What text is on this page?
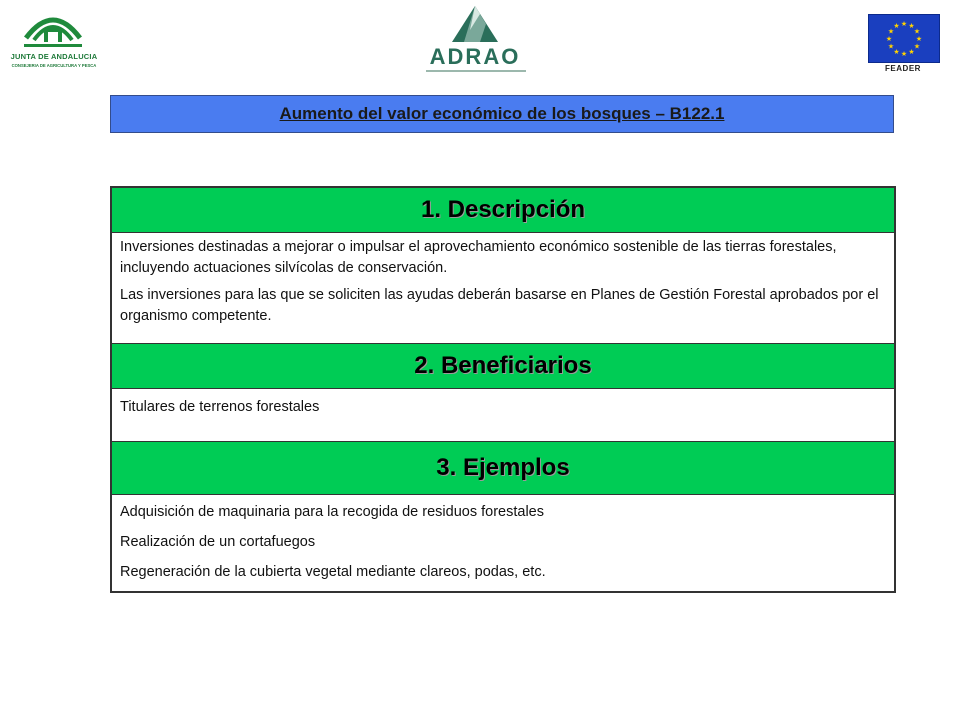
JUNTA DE ANDALUCIA
CONSEJERIA DE AGRICULTURA Y PESCA	ADRAO
★ ★
★
★
★
★
★
★
★
★
★
★
FEADER
Aumento del valor económico de los bosques – B122.1
1. Descripción

Inversiones destinadas a mejorar o impulsar el aprovechamiento económico sostenible de las tierras forestales, incluyendo actuaciones silvícolas de conservación.

Las inversiones para las que se soliciten las ayudas deberán basarse en Planes de Gestión Forestal aprobados por el organismo competente.

2. Beneficiarios

Titulares de terrenos forestales

3. Ejemplos

Adquisición de maquinaria para la recogida de residuos forestales

Realización de un cortafuegos

Regeneración de la cubierta vegetal mediante clareos, podas, etc.
